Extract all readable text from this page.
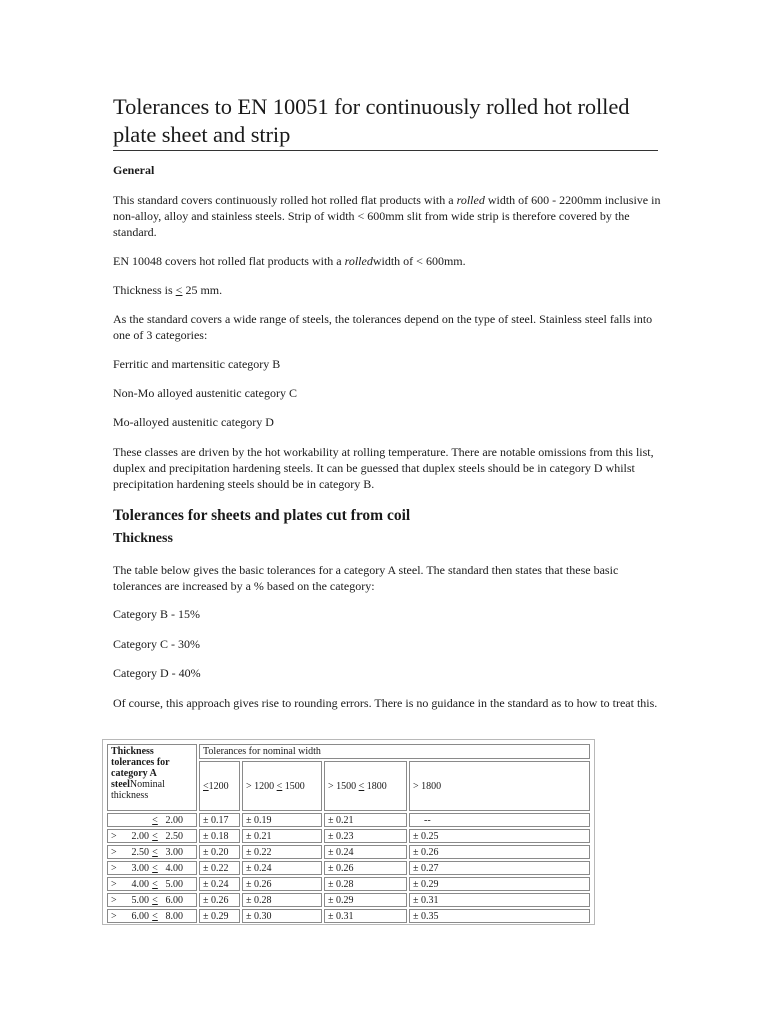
Tolerances to EN 10051 for continuously rolled hot rolled plate sheet and strip

General

This standard covers continuously rolled hot rolled flat products with a rolled width of 600 - 2200mm inclusive in non-alloy, alloy and stainless steels. Strip of width < 600mm slit from wide strip is therefore covered by the standard.

EN 10048 covers hot rolled flat products with a rolledwidth of < 600mm.

Thickness is < 25 mm.

As the standard covers a wide range of steels, the tolerances depend on the type of steel. Stainless steel falls into one of 3 categories:

Ferritic and martensitic category B

Non-Mo alloyed austenitic category C

Mo-alloyed austenitic category D

These classes are driven by the hot workability at rolling temperature. There are notable omissions from this list, duplex and precipitation hardening steels. It can be guessed that duplex steels should be in category D whilst precipitation hardening steels should be in category B.

Tolerances for sheets and plates cut from coil

Thickness

The table below gives the basic tolerances for a category A steel. The standard then states that these basic tolerances are increased by a % based on the category:

Category B - 15%

Category C - 30%

Category D - 40%

Of course, this approach gives rise to rounding errors. There is no guidance in the standard as to how to treat this.

Thickness tolerances for category A steelNominal thickness	Tolerances for nominal width			
	<1200	> 1200 < 1500	> 1500 < 1800	> 1800
< 2.00	± 0.17	± 0.19	± 0.21	--
> 2.00 < 2.50	± 0.18	± 0.21	± 0.23	± 0.25
> 2.50 < 3.00	± 0.20	± 0.22	± 0.24	± 0.26
> 3.00 < 4.00	± 0.22	± 0.24	± 0.26	± 0.27
> 4.00 < 5.00	± 0.24	± 0.26	± 0.28	± 0.29
> 5.00 < 6.00	± 0.26	± 0.28	± 0.29	± 0.31
> 6.00 < 8.00	± 0.29	± 0.30	± 0.31	± 0.35
